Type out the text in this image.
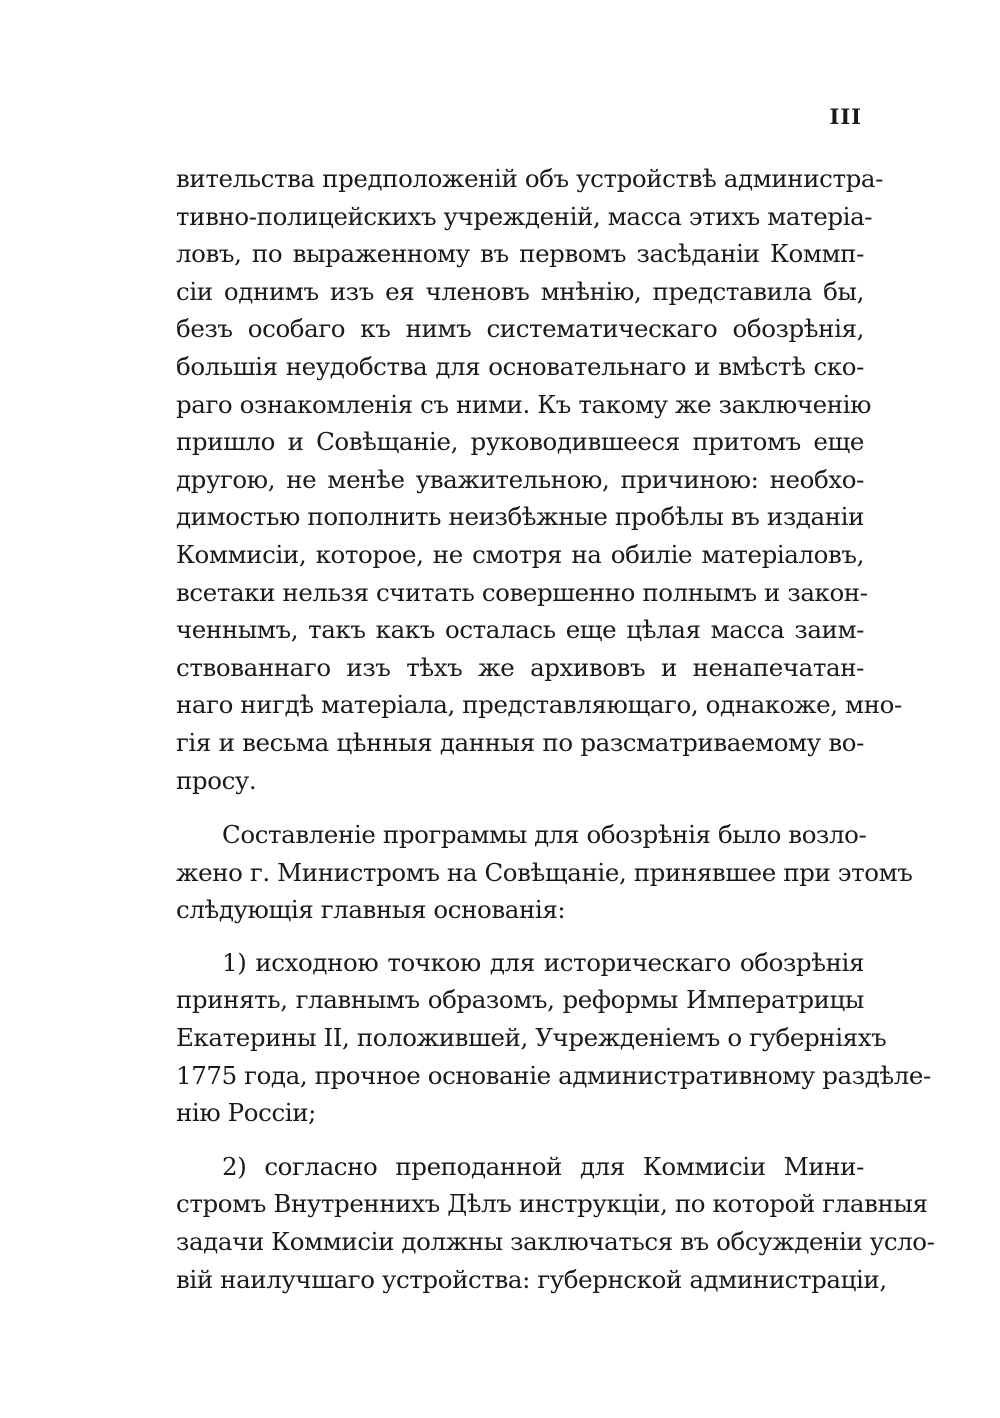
III
вительства предположенiй объ устройствѣ администра-
тивно-полицейскихъ учрежденiй, масса этихъ матерiа-
ловъ, по выраженному въ первомъ засѣданiи Коммп-
сiи однимъ изъ ея членовъ мнѣнiю, представила бы,
безъ особаго къ нимъ систематическаго обозрѣнiя,
большiя неудобства для основательнаго и вмѣстѣ ско-
раго ознакомленiя съ ними. Къ такому же заключенiю
пришло и Совѣщанiе, руководившееся притомъ еще
другою, не менѣе уважительною, причиною: необхо-
димостью пополнить неизбѣжные пробѣлы въ изданiи
Коммисiи, которое, не смотря на обилiе матерiаловъ,
всетаки нельзя считать совершенно полнымъ и закон-
ченнымъ, такъ какъ осталась еще цѣлая масса заим-
ствованнаго изъ тѣхъ же архивовъ и ненапечатан-
наго нигдѣ матерiала, представляющаго, однакоже, мно-
гiя и весьма цѣнныя данныя по разсматриваемому во-
просу.
Составленiе программы для обозрѣнiя было возло-
жено г. Министромъ на Совѣщанiе, принявшее при этомъ
слѣдующiя главныя основанiя:
1) исходною точкою для историческаго обозрѣнiя
принять, главнымъ образомъ, реформы Императрицы
Екатерины II, положившей, Учрежденiемъ о губернiяхъ
1775 года, прочное основанiе административному раздѣле-
нiю Россiи;
2) согласно преподанной для Коммисiи Мини-
стромъ Внутреннихъ Дѣлъ инструкцiи, по которой главныя
задачи Коммисiи должны заключаться въ обсужденiи усло-
вiй наилучшаго устройства: губернской администрацiи,
